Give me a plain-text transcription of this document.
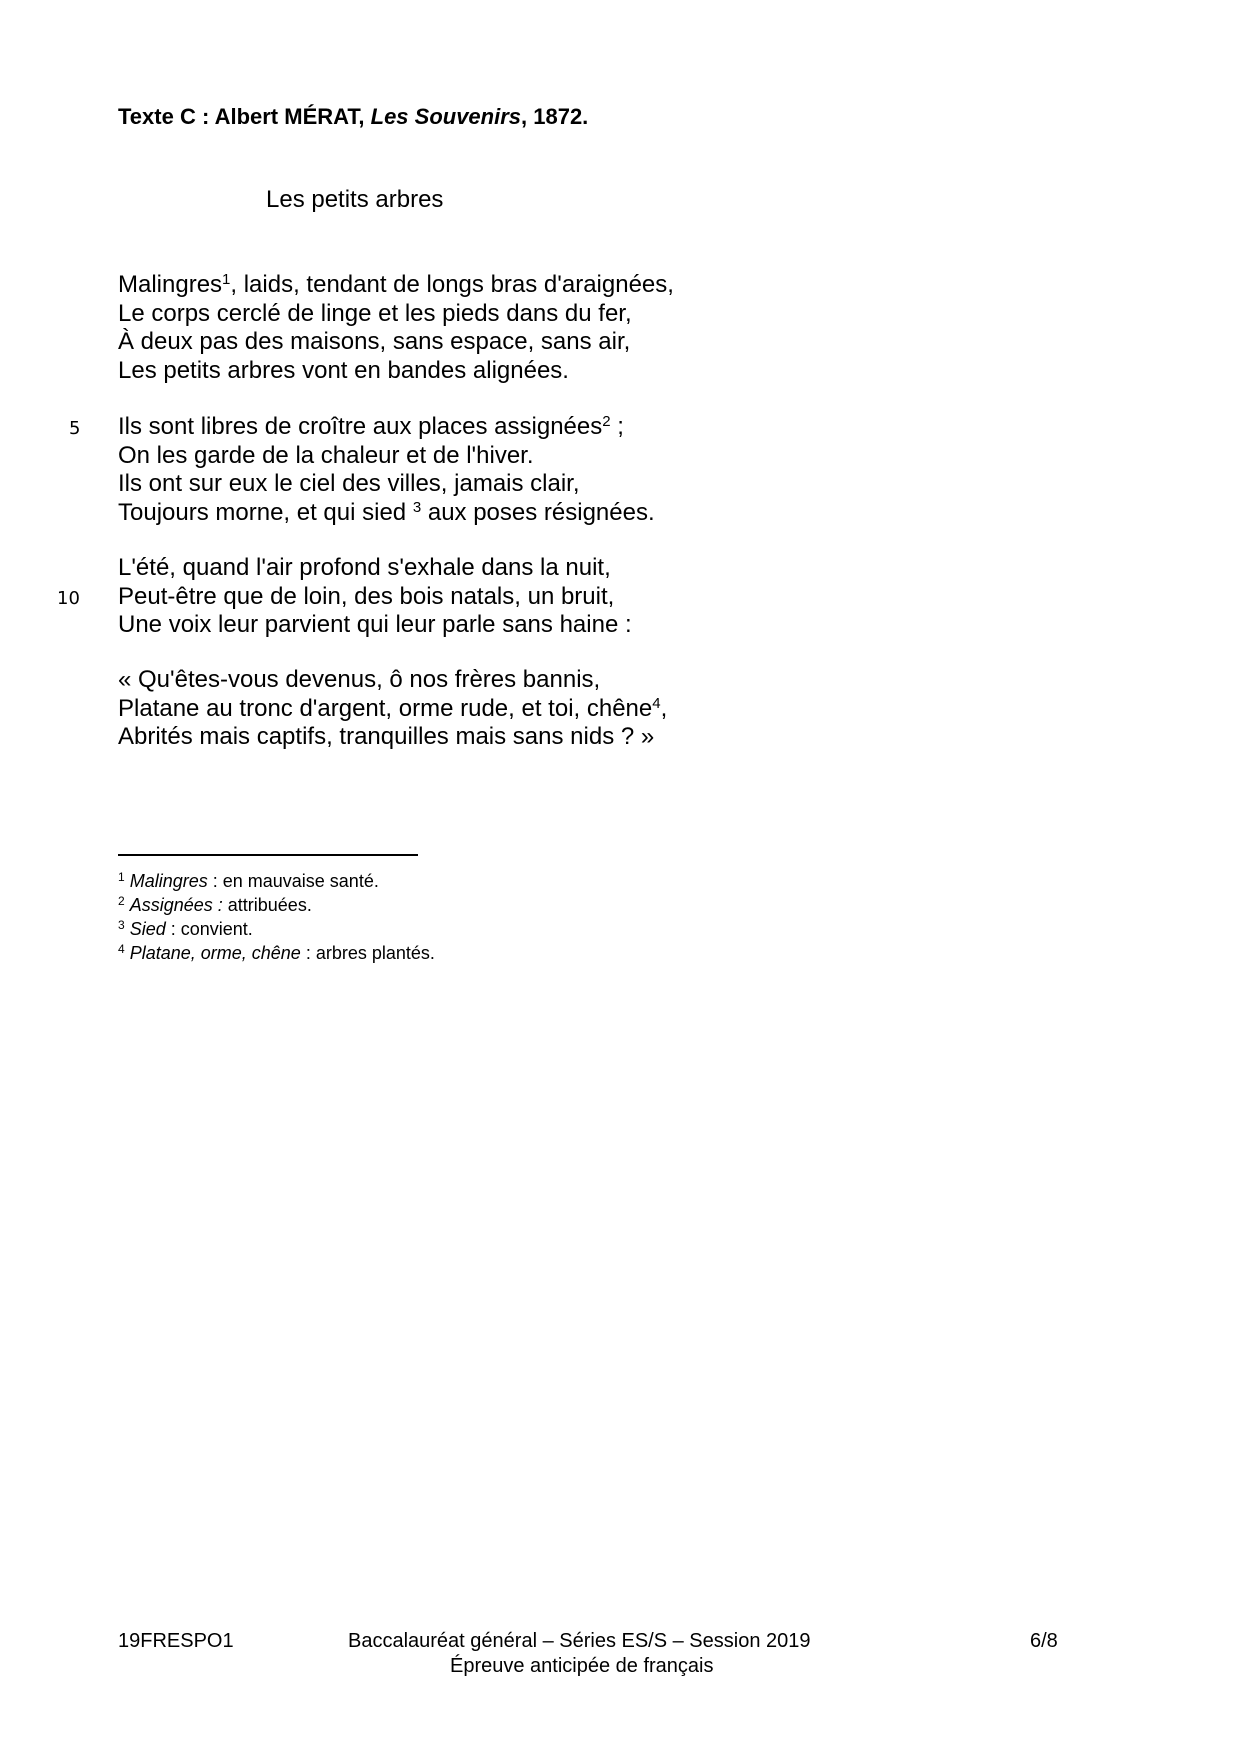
Texte C : Albert MÉRAT, Les Souvenirs, 1872.
Les petits arbres
Malingres$^1$, laids, tendant de longs bras d'araignées,
Le corps cerclé de linge et les pieds dans du fer,
À deux pas des maisons, sans espace, sans air,
Les petits arbres vont en bandes alignées.
Ils sont libres de croître aux places assignées$^2$ ;
On les garde de la chaleur et de l'hiver.
Ils ont sur eux le ciel des villes, jamais clair,
Toujours morne, et qui sied $^3$ aux poses résignées.
L'été, quand l'air profond s'exhale dans la nuit,
Peut-être que de loin, des bois natals, un bruit,
Une voix leur parvient qui leur parle sans haine :
« Qu'êtes-vous devenus, ô nos frères bannis,
Platane au tronc d'argent, orme rude, et toi, chêne$^4$,
Abrités mais captifs, tranquilles mais sans nids ? »
5
10
$^1$ Malingres : en mauvaise santé.
$^2$ Assignées : attribuées.
$^3$ Sied : convient.
$^4$ Platane, orme, chêne : arbres plantés.
19FRESPO1	Baccalauréat général – Séries ES/S – Session 2019
Épreuve anticipée de français
6/8
